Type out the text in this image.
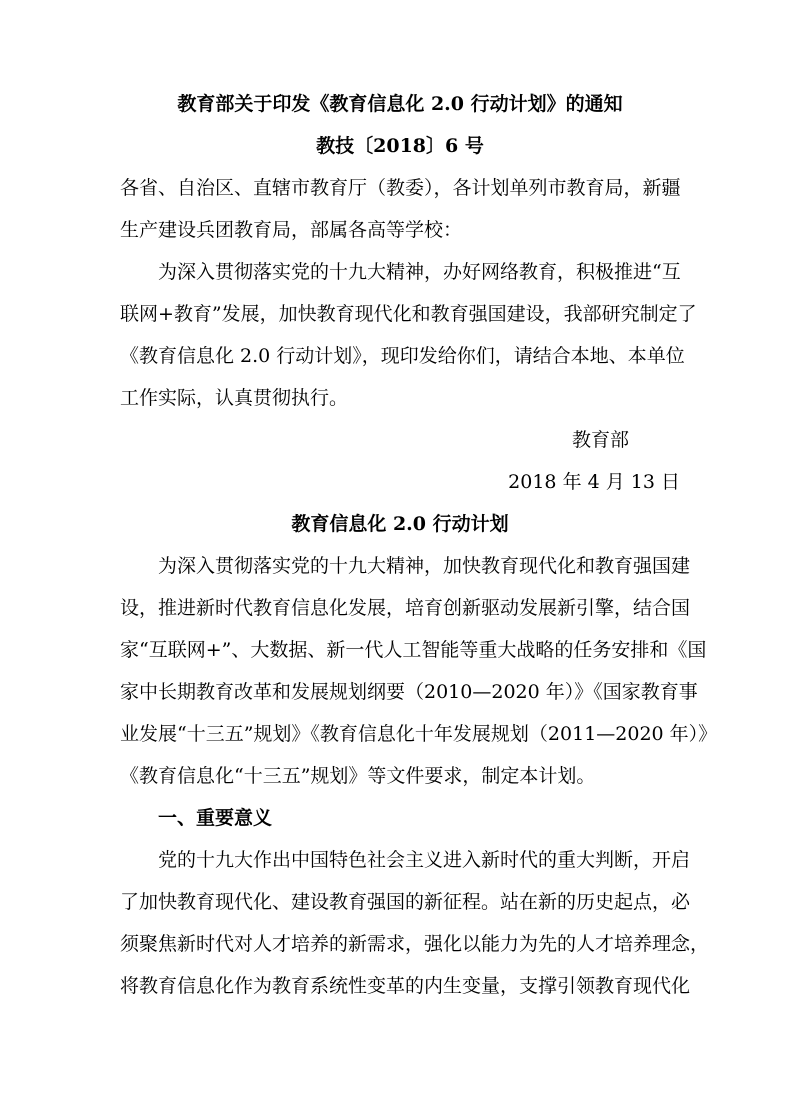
教育部关于印发《教育信息化 2.0 行动计划》的通知
教技〔2018〕6 号
各省、自治区、直辖市教育厅（教委），各计划单列市教育局，新疆
生产建设兵团教育局，部属各高等学校：
为深入贯彻落实党的十九大精神，办好网络教育，积极推进“互
联网+教育”发展，加快教育现代化和教育强国建设，我部研究制定了
《教育信息化 2.0 行动计划》，现印发给你们，请结合本地、本单位
工作实际，认真贯彻执行。
教育部
2018 年 4 月 13 日
教育信息化 2.0 行动计划
为深入贯彻落实党的十九大精神，加快教育现代化和教育强国建
设，推进新时代教育信息化发展，培育创新驱动发展新引擎，结合国
家“互联网+”、大数据、新一代人工智能等重大战略的任务安排和《国
家中长期教育改革和发展规划纲要（2010—2020 年）》《国家教育事
业发展“十三五”规划》《教育信息化十年发展规划（2011—2020 年）》
《教育信息化“十三五”规划》等文件要求，制定本计划。
一、重要意义
党的十九大作出中国特色社会主义进入新时代的重大判断，开启
了加快教育现代化、建设教育强国的新征程。站在新的历史起点，必
须聚焦新时代对人才培养的新需求，强化以能力为先的人才培养理念，
将教育信息化作为教育系统性变革的内生变量，支撑引领教育现代化
